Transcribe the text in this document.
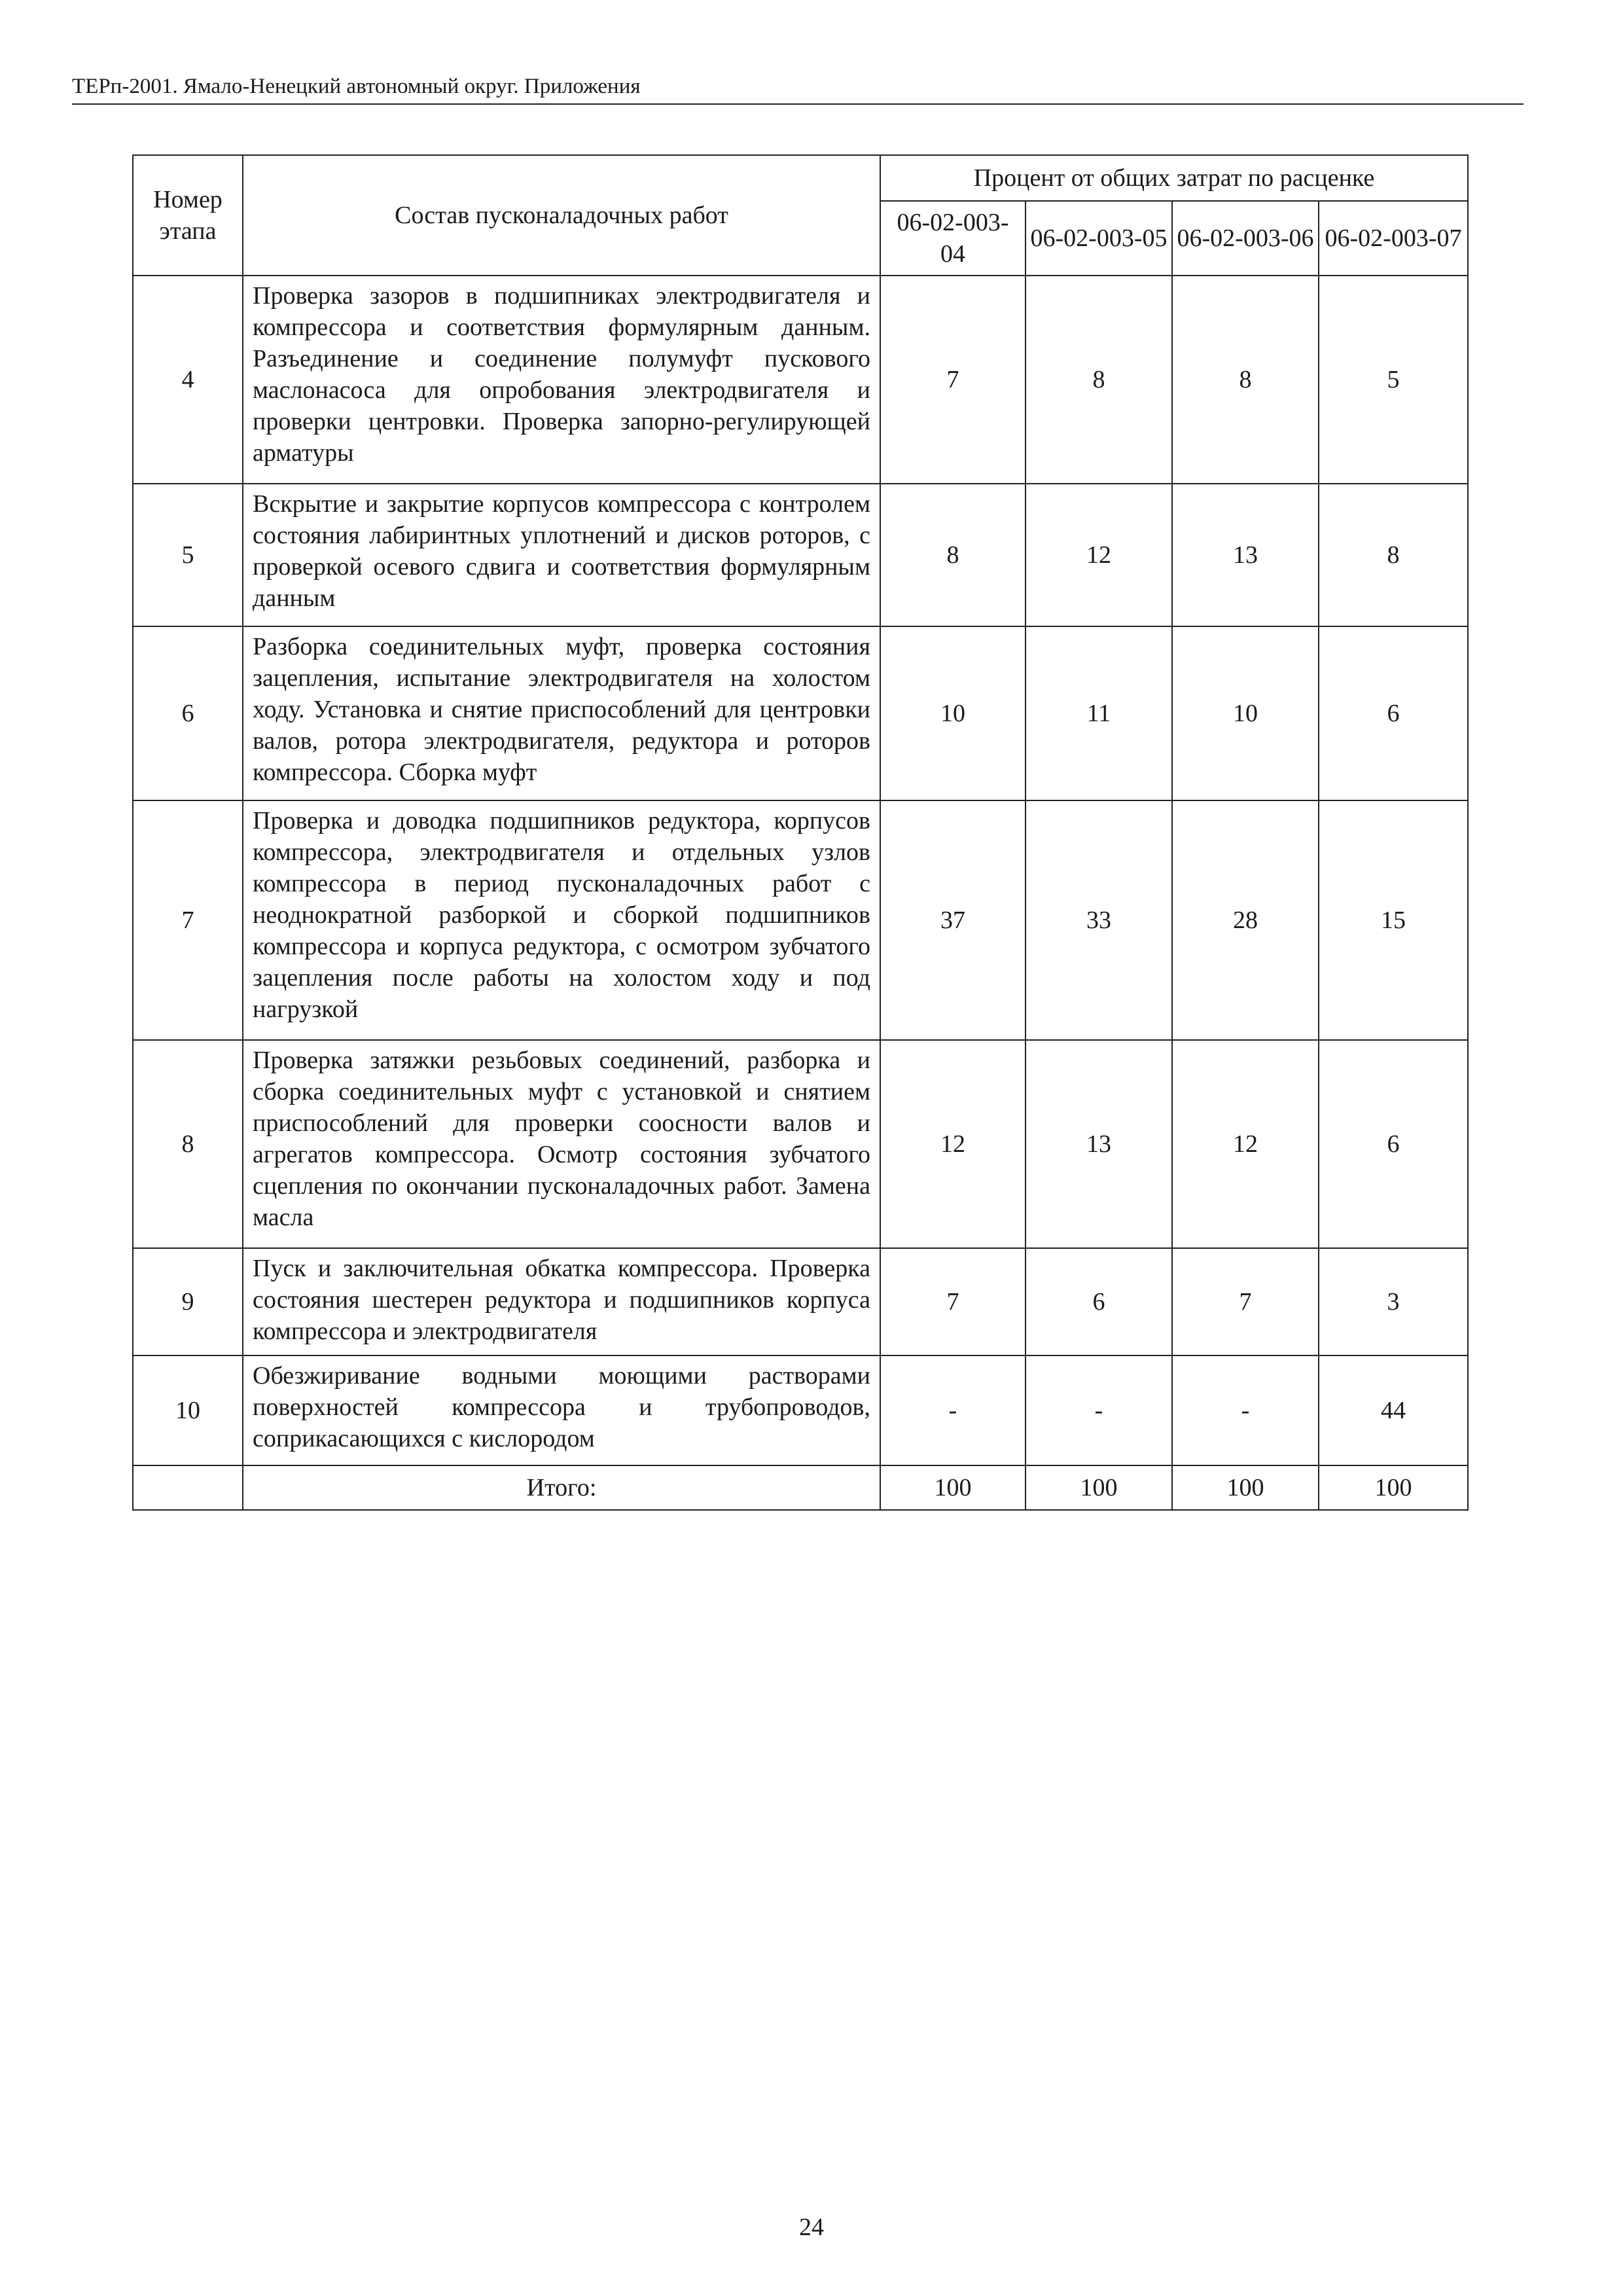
ТЕРп-2001. Ямало-Ненецкий автономный округ. Приложения
Номер этапа	Состав пусконаладочных работ	Процент от общих затрат по расценке			
		06-02-003-04	06-02-003-05	06-02-003-06	06-02-003-07
4	Проверка зазоров в подшипниках электродвигателя и компрессора и соответствия формулярным данным. Разъединение и соединение полумуфт пускового маслонасоса для опробования электродвигателя и проверки центровки. Проверка запорно-регулирующей арматуры	7	8	8	5
5	Вскрытие и закрытие корпусов компрессора с контролем состояния лабиринтных уплотнений и дисков роторов, с проверкой осевого сдвига и соответствия формулярным данным	8	12	13	8
6	Разборка соединительных муфт, проверка состояния зацепления, испытание электродвигателя на холостом ходу. Установка и снятие приспособлений для центровки валов, ротора электродвигателя, редуктора и роторов компрессора. Сборка муфт	10	11	10	6
7	Проверка и доводка подшипников редуктора, корпусов компрессора, электродвигателя и отдельных узлов компрессора в период пусконаладочных работ с неоднократной разборкой и сборкой подшипников компрессора и корпуса редуктора, с осмотром зубчатого зацепления после работы на холостом ходу и под нагрузкой	37	33	28	15
8	Проверка затяжки резьбовых соединений, разборка и сборка соединительных муфт с установкой и снятием приспособлений для проверки соосности валов и агрегатов компрессора. Осмотр состояния зубчатого сцепления по окончании пусконаладочных работ. Замена масла	12	13	12	6
9	Пуск и заключительная обкатка компрессора. Проверка состояния шестерен редуктора и подшипников корпуса компрессора и электродвигателя	7	6	7	3
10	Обезжиривание водными моющими растворами поверхностей компрессора и трубопроводов, соприкасающихся с кислородом	-	-	-	44
	Итого:	100	100	100	100
24
